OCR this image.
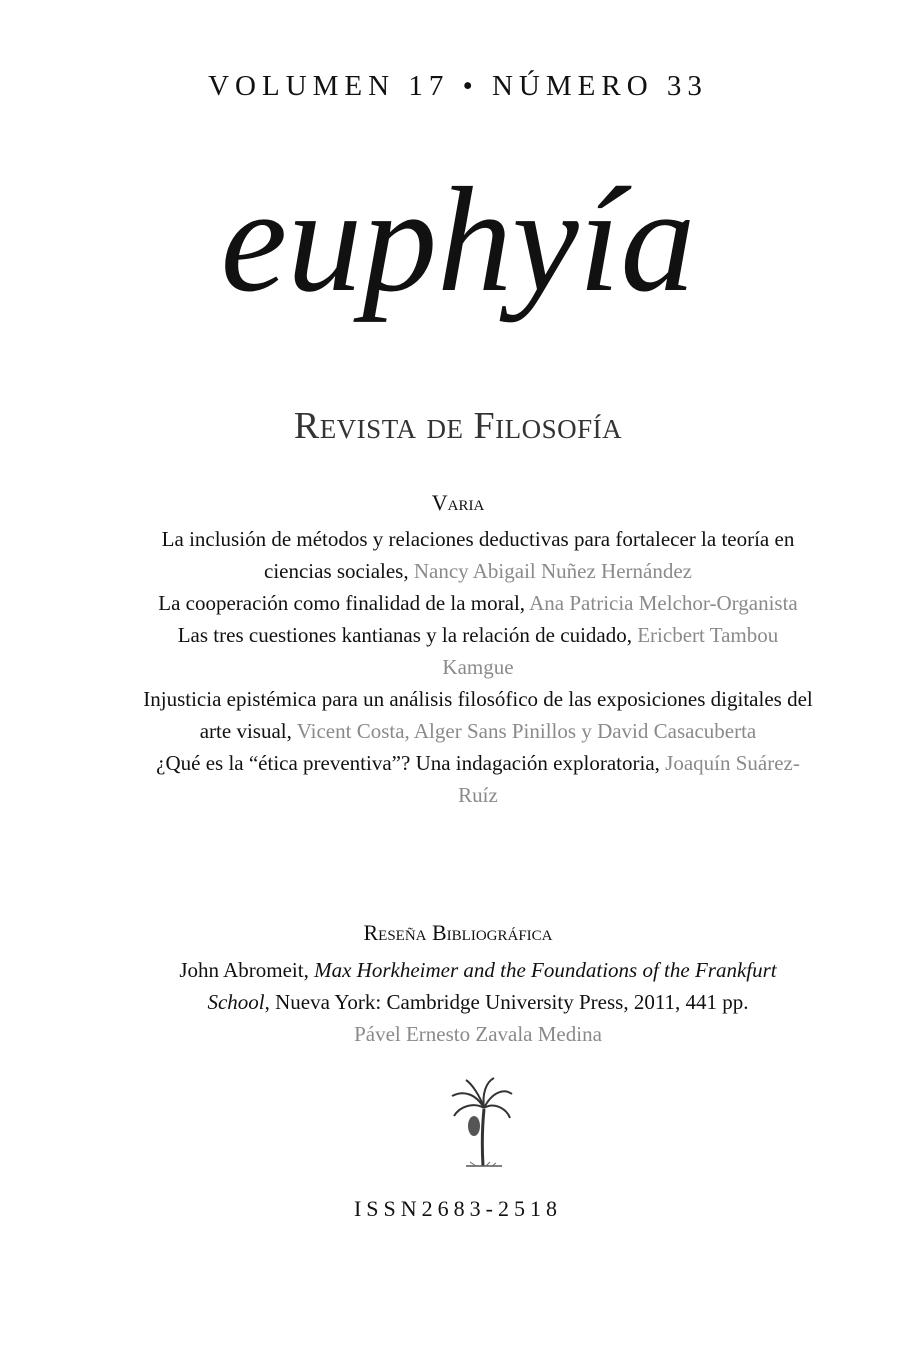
VOLUMEN 17 • NÚMERO 33
euphyía
Revista de Filosofía
Varia

La inclusión de métodos y relaciones deductivas para fortalecer la teoría en ciencias sociales, Nancy Abigail Nuñez Hernández

La cooperación como finalidad de la moral, Ana Patricia Melchor-Organista

Las tres cuestiones kantianas y la relación de cuidado, Ericbert Tambou Kamgue

Injusticia epistémica para un análisis filosófico de las exposiciones digitales del arte visual, Vicent Costa, Alger Sans Pinillos y David Casacuberta

¿Qué es la “ética preventiva”? Una indagación exploratoria, Joaquín Suárez-Ruíz

Reseña Bibliográfica
John Abromeit, Max Horkheimer and the Foundations of the Frankfurt School, Nueva York: Cambridge University Press, 2011, 441 pp.
Pável Ernesto Zavala Medina
ISSN2683-2518
